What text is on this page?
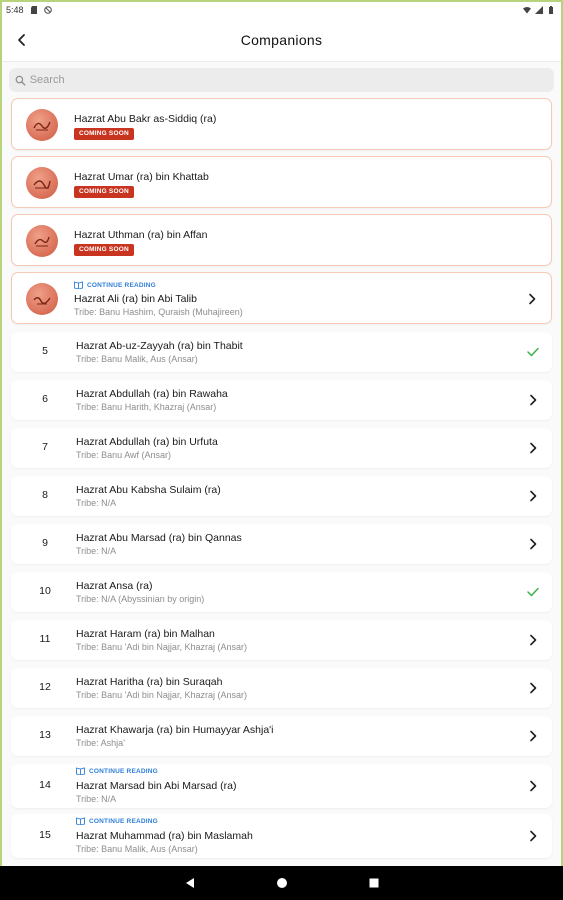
5:48
Companions
Search
Hazrat Abu Bakr as-Siddiq (ra)
COMING SOON
Hazrat Umar (ra) bin Khattab
COMING SOON
Hazrat Uthman (ra) bin Affan
COMING SOON
CONTINUE READING
Hazrat Ali (ra) bin Abi Talib
Tribe: Banu Hashim, Quraish (Muhajireen)
5	Hazrat Ab-uz-Zayyah (ra) bin Thabit
Tribe: Banu Malik, Aus (Ansar)
6	Hazrat Abdullah (ra) bin Rawaha
Tribe: Banu Harith, Khazraj (Ansar)
7	Hazrat Abdullah (ra) bin Urfuta
Tribe: Banu Awf (Ansar)
8	Hazrat Abu Kabsha Sulaim (ra)
Tribe: N/A
9	Hazrat Abu Marsad (ra) bin Qannas
Tribe: N/A
10	Hazrat Ansa (ra)
Tribe: N/A (Abyssinian by origin)
11	Hazrat Haram (ra) bin Malhan
Tribe: Banu 'Adi bin Najjar, Khazraj (Ansar)
12	Hazrat Haritha (ra) bin Suraqah
Tribe: Banu 'Adi bin Najjar, Khazraj (Ansar)
13	Hazrat Khawarja (ra) bin Humayyar Ashja'i
Tribe: Ashja'
14
CONTINUE READING
Hazrat Marsad bin Abi Marsad (ra)
Tribe: N/A
15
CONTINUE READING
Hazrat Muhammad (ra) bin Maslamah
Tribe: Banu Malik, Aus (Ansar)
